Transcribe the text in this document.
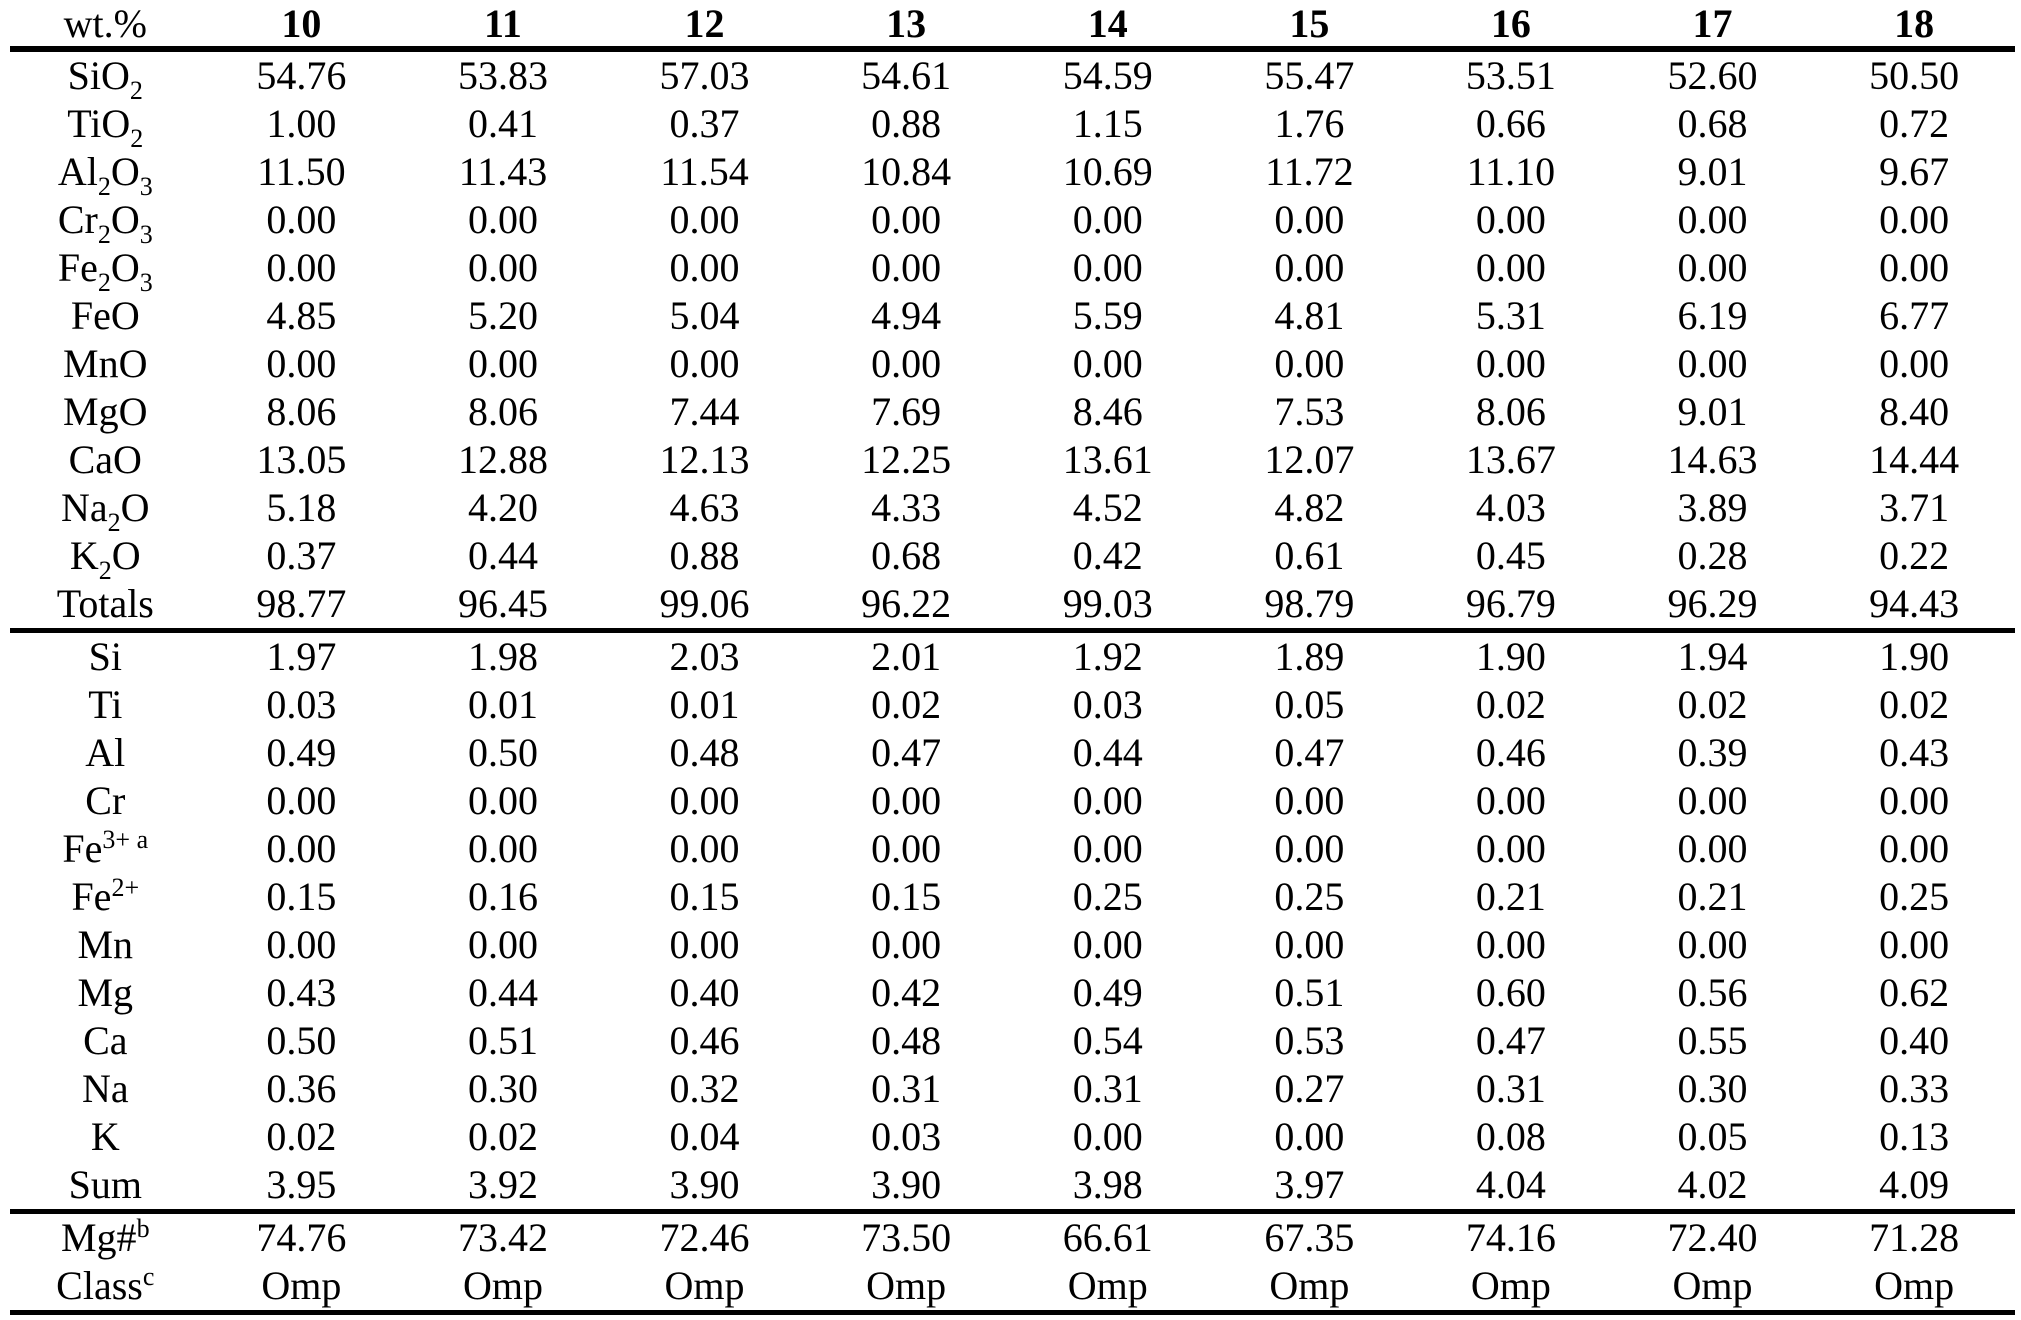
wt.%	10	11	12	13	14	15	16	17	18
SiO$_2$	54.76	53.83	57.03	54.61	54.59	55.47	53.51	52.60	50.50
TiO$_2$	1.00	0.41	0.37	0.88	1.15	1.76	0.66	0.68	0.72
$Al_2O_3$	11.50	11.43	11.54	10.84	10.69	11.72	11.10	9.01	9.67
$Cr_2O_3$	0.00	0.00	0.00	0.00	0.00	0.00	0.00	0.00	0.00
$Fe_2O_3$	0.00	0.00	0.00	0.00	0.00	0.00	0.00	0.00	0.00
FeO	4.85	5.20	5.04	4.94	5.59	4.81	5.31	6.19	6.77
MnO	0.00	0.00	0.00	0.00	0.00	0.00	0.00	0.00	0.00
MgO	8.06	8.06	7.44	7.69	8.46	7.53	8.06	9.01	8.40
CaO	13.05	12.88	12.13	12.25	13.61	12.07	13.67	14.63	14.44
$Na_2O$	5.18	4.20	4.63	4.33	4.52	4.82	4.03	3.89	3.71
$K_2O$	0.37	0.44	0.88	0.68	0.42	0.61	0.45	0.28	0.22
Totals	98.77	96.45	99.06	96.22	99.03	98.79	96.79	96.29	94.43
Si	1.97	1.98	2.03	2.01	1.92	1.89	1.90	1.94	1.90
Ti	0.03	0.01	0.01	0.02	0.03	0.05	0.02	0.02	0.02
Al	0.49	0.50	0.48	0.47	0.44	0.47	0.46	0.39	0.43
Cr	0.00	0.00	0.00	0.00	0.00	0.00	0.00	0.00	0.00
$Fe^{3+ a}$	0.00	0.00	0.00	0.00	0.00	0.00	0.00	0.00	0.00
$Fe^{2+}$	0.15	0.16	0.15	0.15	0.25	0.25	0.21	0.21	0.25
Mn	0.00	0.00	0.00	0.00	0.00	0.00	0.00	0.00	0.00
Mg	0.43	0.44	0.40	0.42	0.49	0.51	0.60	0.56	0.62
Ca	0.50	0.51	0.46	0.48	0.54	0.53	0.47	0.55	0.40
Na	0.36	0.30	0.32	0.31	0.31	0.27	0.31	0.30	0.33
K	0.02	0.02	0.04	0.03	0.00	0.00	0.08	0.05	0.13
Sum	3.95	3.92	3.90	3.90	3.98	3.97	4.04	4.02	4.09
Mg#$^b$	74.76	73.42	72.46	73.50	66.61	67.35	74.16	72.40	71.28
Class$^c$	Omp	Omp	Omp	Omp	Omp	Omp	Omp	Omp	Omp
